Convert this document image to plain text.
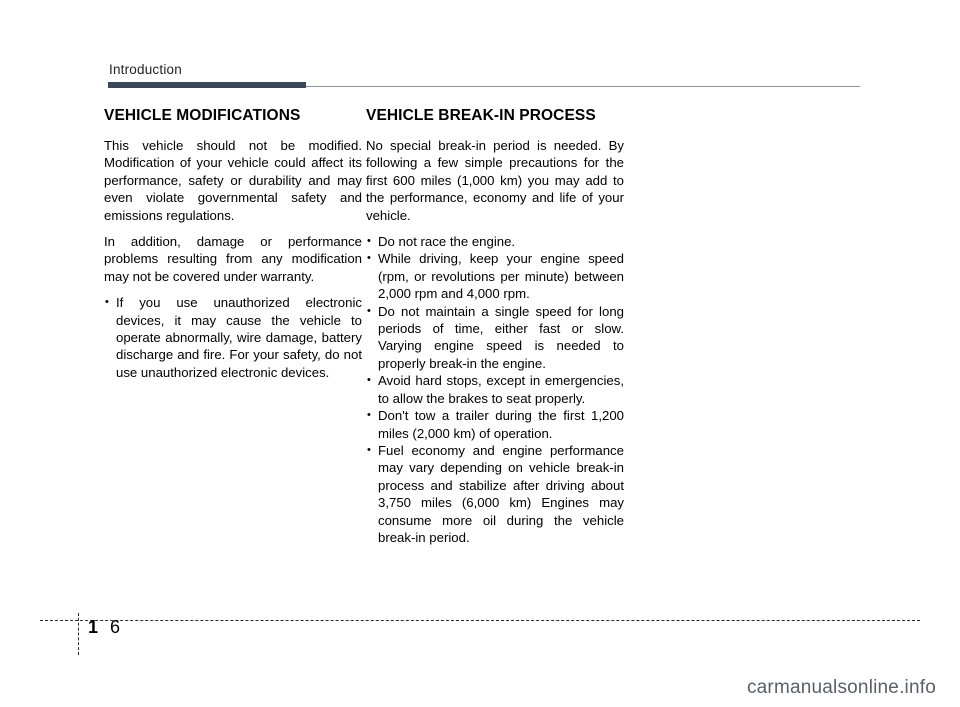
Introduction
VEHICLE MODIFICATIONS

This vehicle should not be modified. Modification of your vehicle could affect its performance, safety or durability and may even violate governmental safety and emissions regulations.

In addition, damage or performance problems resulting from any modification may not be covered under warranty.

• If you use unauthorized electronic devices, it may cause the vehicle to operate abnormally, wire damage, battery discharge and fire. For your safety, do not use unauthorized electronic devices.
VEHICLE BREAK-IN PROCESS

No special break-in period is needed. By following a few simple precautions for the first 600 miles (1,000 km) you may add to the performance, economy and life of your vehicle.

• Do not race the engine.
• While driving, keep your engine speed (rpm, or revolutions per minute) between 2,000 rpm and 4,000 rpm.
• Do not maintain a single speed for long periods of time, either fast or slow. Varying engine speed is needed to properly break-in the engine.
• Avoid hard stops, except in emergencies, to allow the brakes to seat properly.
• Don't tow a trailer during the first 1,200 miles (2,000 km) of operation.
• Fuel economy and engine performance may vary depending on vehicle break-in process and stabilize after driving about 3,750 miles (6,000 km) Engines may consume more oil during the vehicle break-in period.
1 6
carmanualsonline.info
